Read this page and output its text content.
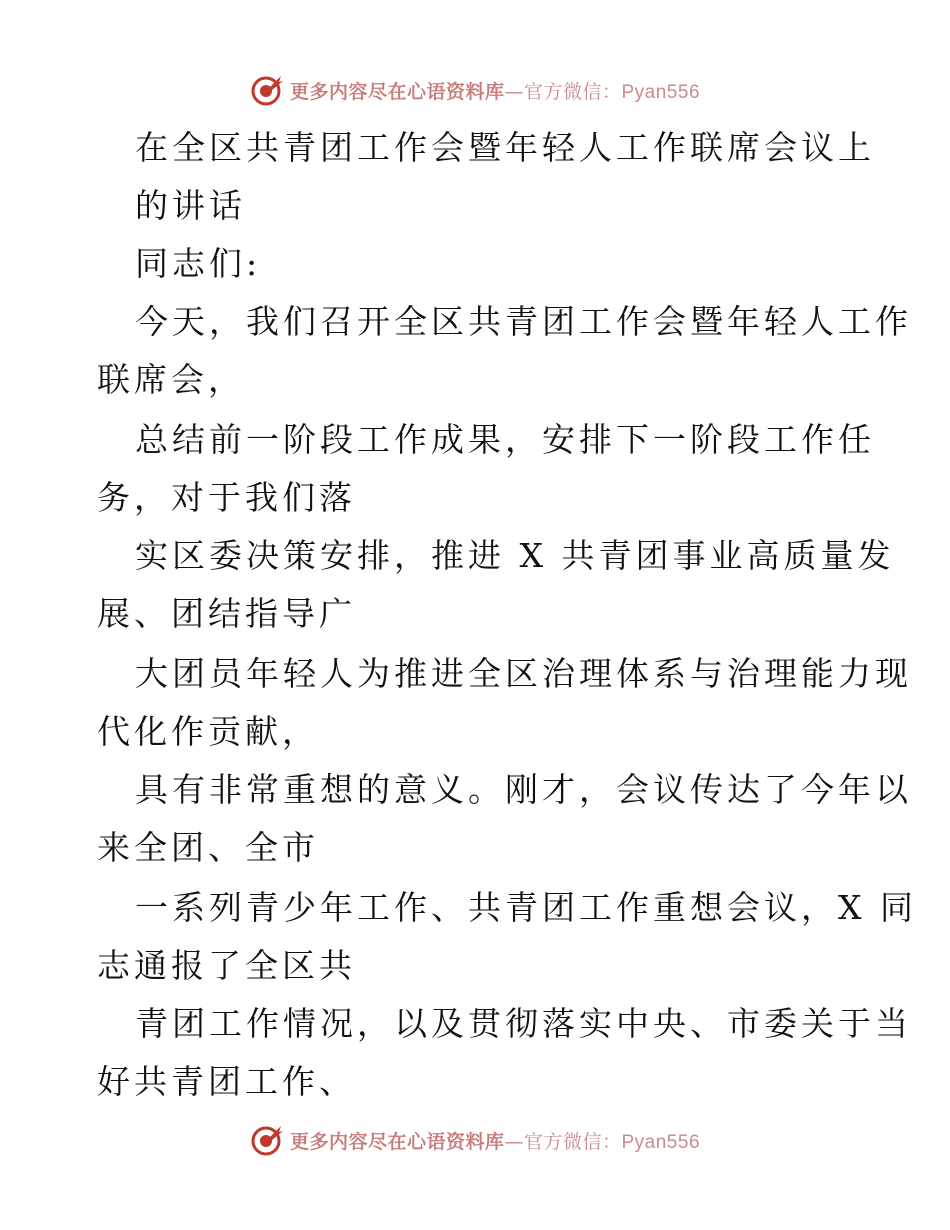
更多内容尽在心语资料库—官方微信：Pyan556
在全区共青团工作会暨年轻人工作联席会议上
的讲话
同志们:
今天，我们召开全区共青团工作会暨年轻人工作
联席会，
总结前一阶段工作成果，安排下一阶段工作任
务，对于我们落
实区委决策安排，推进 X 共青团事业高质量发
展、团结指导广
大团员年轻人为推进全区治理体系与治理能力现
代化作贡献，
具有非常重想的意义。刚才，会议传达了今年以
来全团、全市
一系列青少年工作、共青团工作重想会议，X 同
志通报了全区共
青团工作情况，以及贯彻落实中央、市委关于当
好共青团工作、
更多内容尽在心语资料库—官方微信：Pyan556
